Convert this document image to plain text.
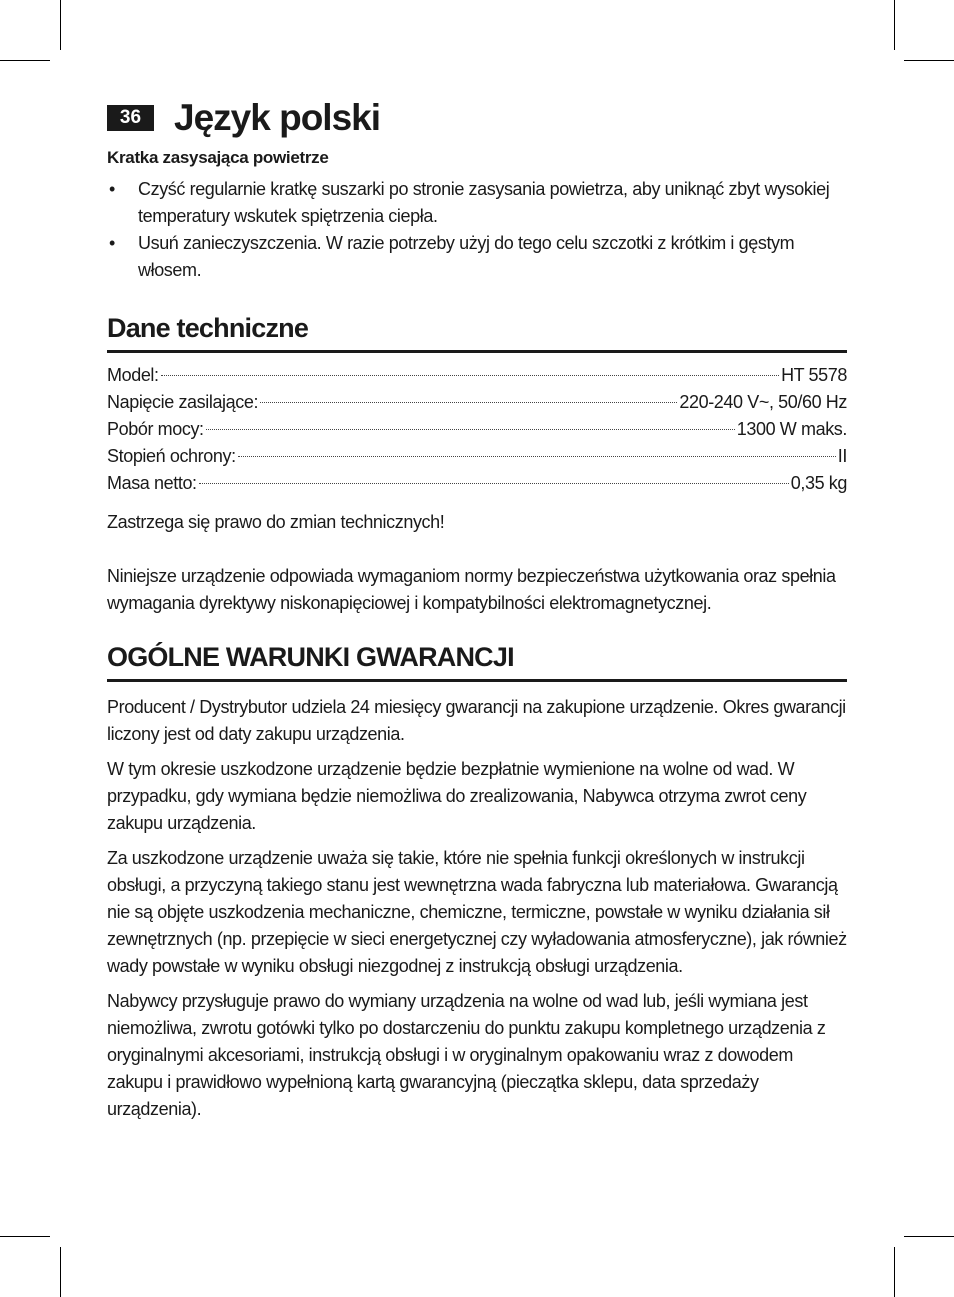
36 Język polski
Kratka zasysająca powietrze
• Czyść regularnie kratkę suszarki po stronie zasysania powietrza, aby uniknąć zbyt wysokiej temperatury wskutek spiętrzenia ciepła.
• Usuń zanieczyszczenia. W razie potrzeby użyj do tego celu szczotki z krótkim i gęstym włosem.
Dane techniczne
Model:	HT 5578

Napięcie zasilające:	220-240 V~, 50/60 Hz

Pobór mocy:	1300 W maks.

Stopień ochrony:	II

Masa netto:	0,35 kg

Zastrzega się prawo do zmian technicznych!

Niniejsze urządzenie odpowiada wymaganiom normy bezpieczeństwa użytkowania oraz spełnia wymagania dyrektywy niskonapięciowej i kompatybilności elektromagnetycznej.

OGÓLNE WARUNKI GWARANCJI

Producent / Dystrybutor udziela 24 miesięcy gwarancji na zakupione urządzenie. Okres gwarancji liczony jest od daty zakupu urządzenia.

W tym okresie uszkodzone urządzenie będzie bezpłatnie wymienione na wolne od wad. W przypadku, gdy wymiana będzie niemożliwa do zrealizowania, Nabywca otrzyma zwrot ceny zakupu urządzenia.

Za uszkodzone urządzenie uważa się takie, które nie spełnia funkcji określonych w instrukcji obsługi, a przyczyną takiego stanu jest wewnętrzna wada fabryczna lub materiałowa. Gwarancją nie są objęte uszkodzenia mechaniczne, chemiczne, termiczne, powstałe w wyniku działania sił zewnętrznych (np. przepięcie w sieci energetycznej czy wyładowania atmosferyczne), jak również wady powstałe w wyniku obsługi niezgodnej z instrukcją obsługi urządzenia.

Nabywcy przysługuje prawo do wymiany urządzenia na wolne od wad lub, jeśli wymiana jest niemożliwa, zwrotu gotówki tylko po dostarczeniu do punktu zakupu kompletnego urządzenia z oryginalnymi akcesoriami, instrukcją obsługi i w oryginalnym opakowaniu wraz z dowodem zakupu i prawidłowo wypełnioną kartą gwarancyjną (pieczątka sklepu, data sprzedaży urządzenia).
